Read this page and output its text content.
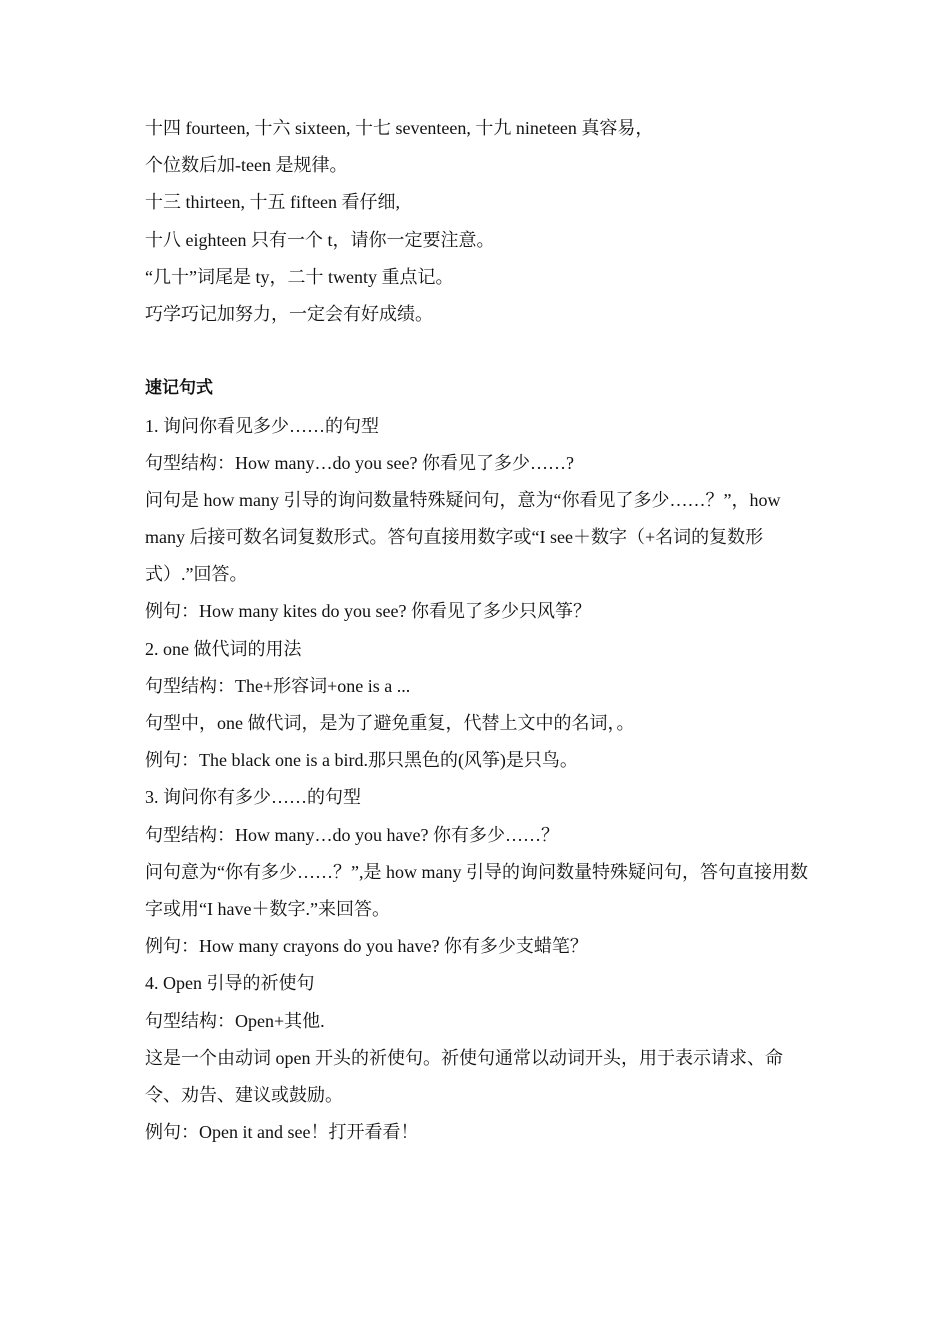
十四 fourteen, 十六 sixteen, 十七 seventeen, 十九 nineteen 真容易，
个位数后加-teen 是规律。
十三 thirteen, 十五 fifteen 看仔细,
十八 eighteen 只有一个 t，请你一定要注意。
“几十”词尾是 ty，二十 twenty 重点记。
巧学巧记加努力，一定会有好成绩。
速记句式
1. 询问你看见多少……的句型
句型结构：How many…do you see? 你看见了多少……?
问句是 how many 引导的询问数量特殊疑问句，意为“你看见了多少……？”，how many 后接可数名词复数形式。答句直接用数字或“I see＋数字（+名词的复数形式）.”回答。
例句：How many kites do you see? 你看见了多少只风筝？
2. one 做代词的用法
句型结构：The+形容词+one is a ...
句型中，one 做代词，是为了避免重复，代替上文中的名词，。
例句：The black one is a bird.那只黑色的(风筝)是只鸟。
3. 询问你有多少……的句型
句型结构：How many…do you have? 你有多少……？
问句意为“你有多少……？”,是 how many 引导的询问数量特殊疑问句，答句直接用数字或用“I have＋数字.”来回答。
例句：How many crayons do you have? 你有多少支蜡笔？
4. Open 引导的祈使句
句型结构：Open+其他.
这是一个由动词 open 开头的祈使句。祈使句通常以动词开头，用于表示请求、命令、劝告、建议或鼓励。
例句：Open it and see！打开看看！
